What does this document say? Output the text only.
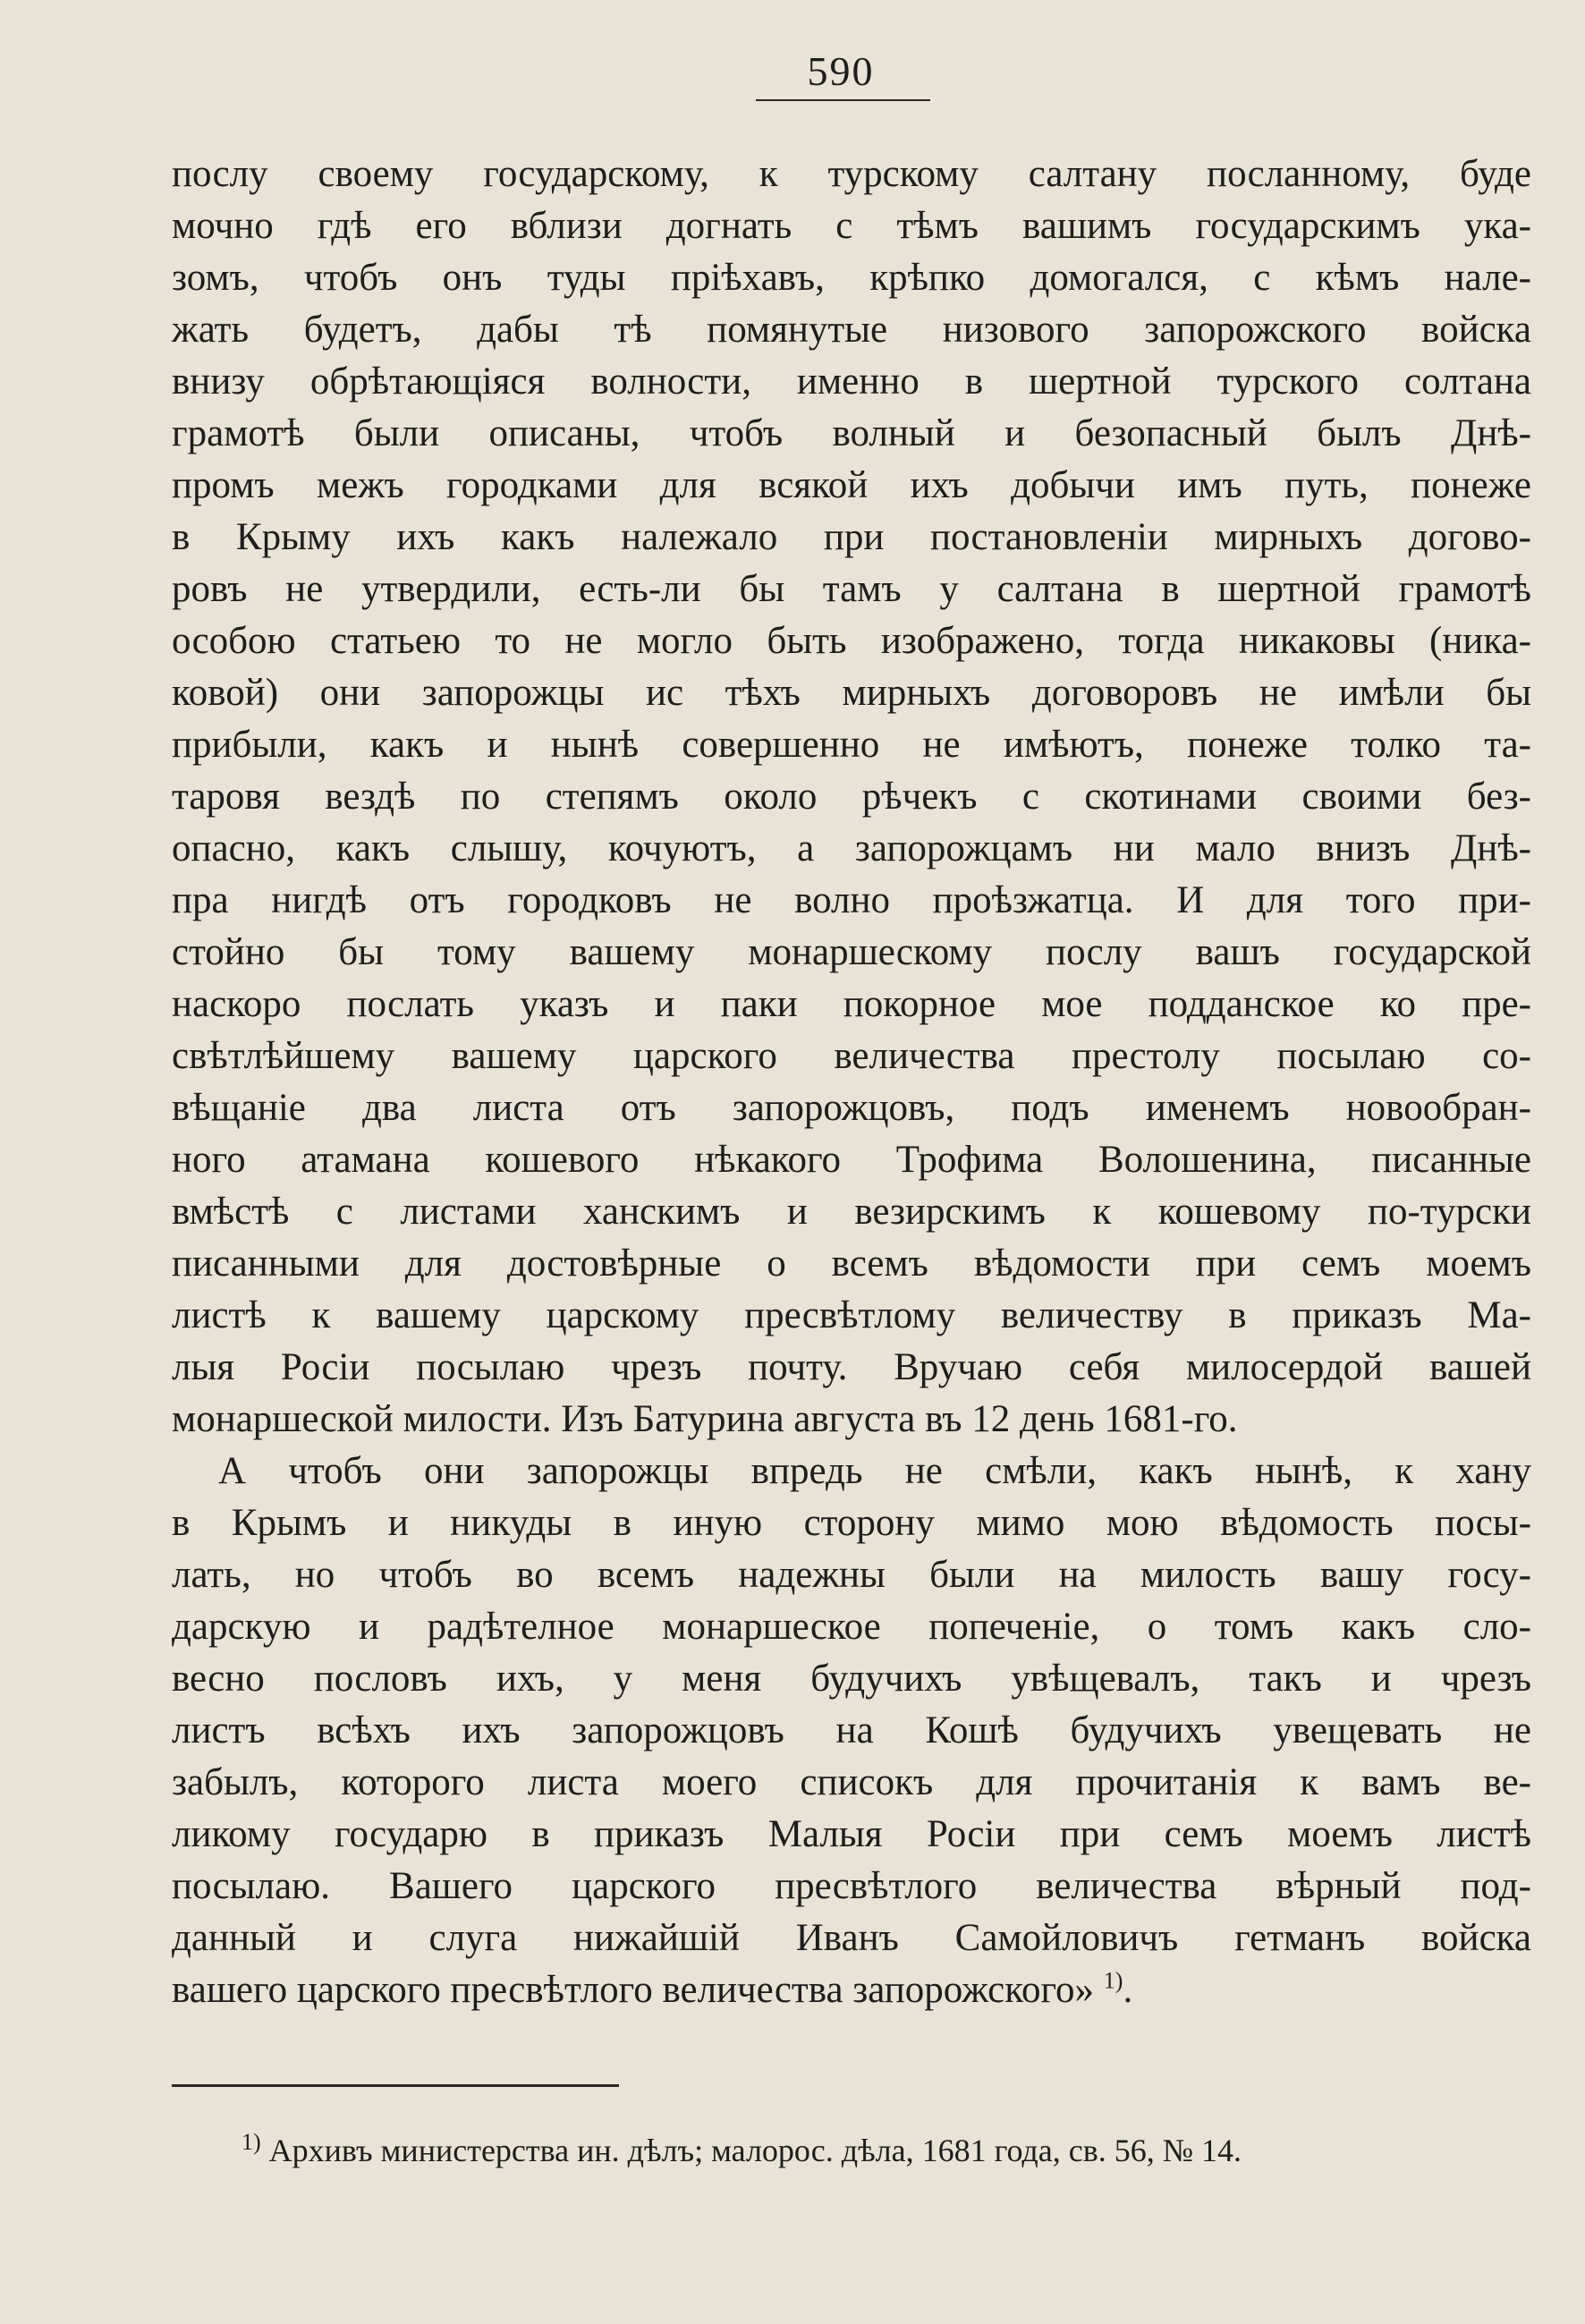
590
послу своему государскому, к турскому салтану посланному, буде
мочно гдѣ его вблизи догнать с тѣмъ вашимъ государскимъ ука-
зомъ, чтобъ онъ туды пріѣхавъ, крѣпко домогался, с кѣмъ нале-
жать будетъ, дабы тѣ помянутые низового запорожского войска
внизу обрѣтающіяся волности, именно в шертной турского солтана
грамотѣ были описаны, чтобъ волный и безопасный былъ Днѣ-
промъ межъ городками для всякой ихъ добычи имъ путь, понеже
в Крыму ихъ какъ належало при постановленіи мирныхъ догово-
ровъ не утвердили, есть-ли бы тамъ у салтана в шертной грамотѣ
особою статьею то не могло быть изображено, тогда никаковы (ника-
ковой) они запорожцы ис тѣхъ мирныхъ договоровъ не имѣли бы
прибыли, какъ и нынѣ совершенно не имѣютъ, понеже толко та-
таровя вездѣ по степямъ около рѣчекъ с скотинами своими без-
опасно, какъ слышу, кочуютъ, а запорожцамъ ни мало внизъ Днѣ-
пра нигдѣ отъ городковъ не волно проѣзжатца. И для того при-
стойно бы тому вашему монаршескому послу вашъ государской
наскоро послать указъ и паки покорное мое подданское ко пре-
свѣтлѣйшему вашему царского величества престолу посылаю со-
вѣщаніе два листа отъ запорожцовъ, подъ именемъ новообран-
ного атамана кошевого нѣкакого Трофима Волошенина, писанные
вмѣстѣ с листами ханскимъ и везирскимъ к кошевому по-турски
писанными для достовѣрные о всемъ вѣдомости при семъ моемъ
листѣ к вашему царскому пресвѣтлому величеству в приказъ Ма-
лыя Росіи посылаю чрезъ почту. Вручаю себя милосердой вашей
монаршеской милости. Изъ Батурина августа въ 12 день 1681-го.
А чтобъ они запорожцы впредь не смѣли, какъ нынѣ, к хану
в Крымъ и никуды в иную сторону мимо мою вѣдомость посы-
лать, но чтобъ во всемъ надежны были на милость вашу госу-
дарскую и радѣтелное монаршеское попеченіе, о томъ какъ сло-
весно пословъ ихъ, у меня будучихъ увѣщевалъ, такъ и чрезъ
листъ всѣхъ ихъ запорожцовъ на Кошѣ будучихъ увещевать не
забылъ, которого листа моего списокъ для прочитанія к вамъ ве-
ликому государю в приказъ Малыя Росіи при семъ моемъ листѣ
посылаю. Вашего царского пресвѣтлого величества вѣрный под-
данный и слуга нижайшій Иванъ Самойловичъ гетманъ войска
вашего царского пресвѣтлого величества запорожского» $^{1)}$.
$^{1)}$ Архивъ министерства ин. дѣлъ; малорос. дѣла, 1681 года, св. 56, № 14.
